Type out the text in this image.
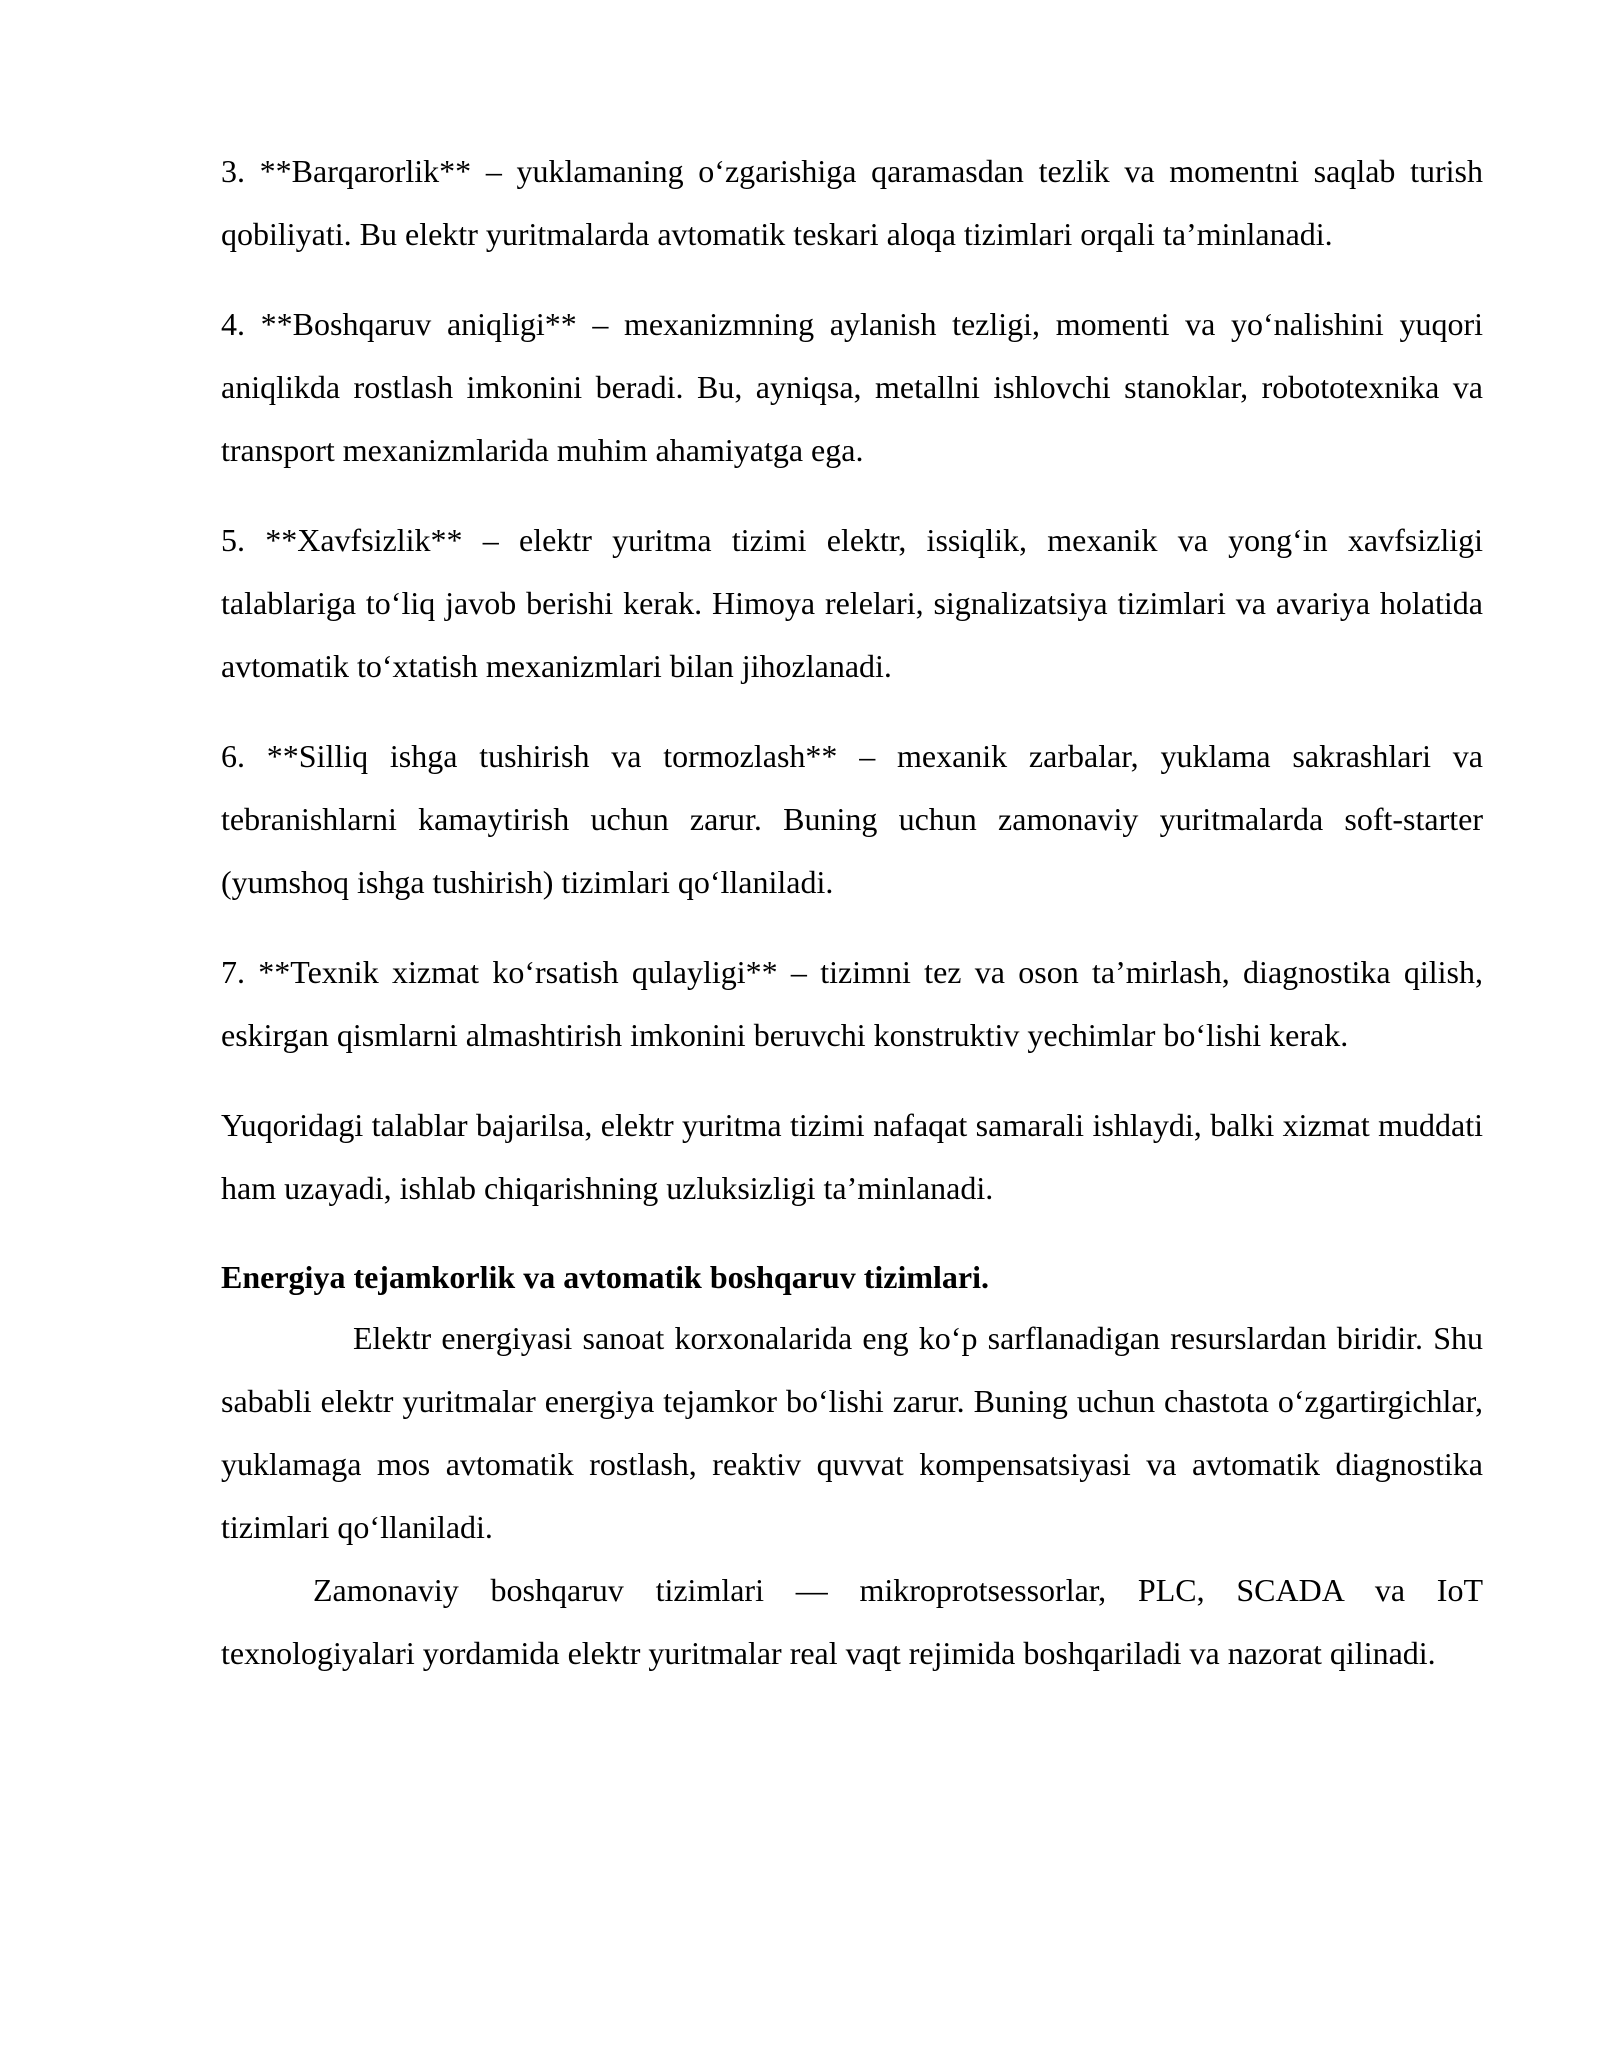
3. **Barqarorlik** – yuklamaning o‘zgarishiga qaramasdan tezlik va momentni saqlab turish qobiliyati. Bu elektr yuritmalarda avtomatik teskari aloqa tizimlari orqali ta’minlanadi.

4. **Boshqaruv aniqligi** – mexanizmning aylanish tezligi, momenti va yo‘nalishini yuqori aniqlikda rostlash imkonini beradi. Bu, ayniqsa, metallni ishlovchi stanoklar, robototexnika va transport mexanizmlarida muhim ahamiyatga ega.

5. **Xavfsizlik** – elektr yuritma tizimi elektr, issiqlik, mexanik va yong‘in xavfsizligi talablariga to‘liq javob berishi kerak. Himoya relelari, signalizatsiya tizimlari va avariya holatida avtomatik to‘xtatish mexanizmlari bilan jihozlanadi.

6. **Silliq ishga tushirish va tormozlash** – mexanik zarbalar, yuklama sakrashlari va tebranishlarni kamaytirish uchun zarur. Buning uchun zamonaviy yuritmalarda soft-starter (yumshoq ishga tushirish) tizimlari qo‘llaniladi.

7. **Texnik xizmat ko‘rsatish qulayligi** – tizimni tez va oson ta’mirlash, diagnostika qilish, eskirgan qismlarni almashtirish imkonini beruvchi konstruktiv yechimlar bo‘lishi kerak.

Yuqoridagi talablar bajarilsa, elektr yuritma tizimi nafaqat samarali ishlaydi, balki xizmat muddati ham uzayadi, ishlab chiqarishning uzluksizligi ta’minlanadi.

Energiya tejamkorlik va avtomatik boshqaruv tizimlari.

Elektr energiyasi sanoat korxonalarida eng ko‘p sarflanadigan resurslardan biridir. Shu sababli elektr yuritmalar energiya tejamkor bo‘lishi zarur. Buning uchun chastota o‘zgartirgichlar, yuklamaga mos avtomatik rostlash, reaktiv quvvat kompensatsiyasi va avtomatik diagnostika tizimlari qo‘llaniladi.

Zamonaviy boshqaruv tizimlari — mikroprotsessorlar, PLC, SCADA va IoT texnologiyalari yordamida elektr yuritmalar real vaqt rejimida boshqariladi va nazorat qilinadi.
